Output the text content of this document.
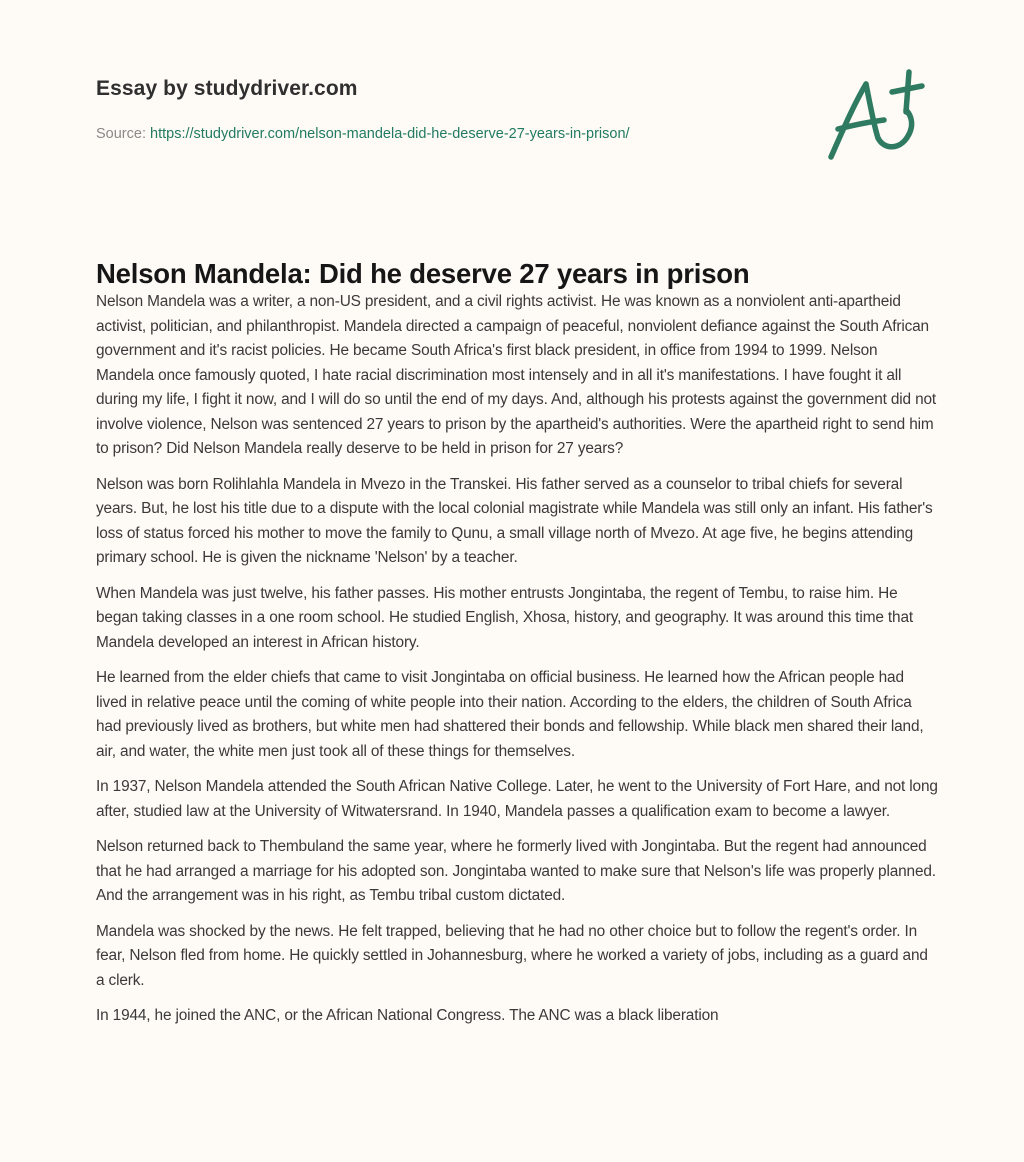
Essay by studydriver.com
Source: https://studydriver.com/nelson-mandela-did-he-deserve-27-years-in-prison/
Nelson Mandela: Did he deserve 27 years in prison

Nelson Mandela was a writer, a non-US president, and a civil rights activist. He was known as a nonviolent anti-apartheid activist, politician, and philanthropist. Mandela directed a campaign of peaceful, nonviolent defiance against the South African government and it's racist policies. He became South Africa's first black president, in office from 1994 to 1999. Nelson Mandela once famously quoted, I hate racial discrimination most intensely and in all it's manifestations. I have fought it all during my life, I fight it now, and I will do so until the end of my days. And, although his protests against the government did not involve violence, Nelson was sentenced 27 years to prison by the apartheid's authorities. Were the apartheid right to send him to prison? Did Nelson Mandela really deserve to be held in prison for 27 years?

Nelson was born Rolihlahla Mandela in Mvezo in the Transkei. His father served as a counselor to tribal chiefs for several years. But, he lost his title due to a dispute with the local colonial magistrate while Mandela was still only an infant. His father's loss of status forced his mother to move the family to Qunu, a small village north of Mvezo. At age five, he begins attending primary school. He is given the nickname 'Nelson' by a teacher.

When Mandela was just twelve, his father passes. His mother entrusts Jongintaba, the regent of Tembu, to raise him. He began taking classes in a one room school. He studied English, Xhosa, history, and geography. It was around this time that Mandela developed an interest in African history.

He learned from the elder chiefs that came to visit Jongintaba on official business. He learned how the African people had lived in relative peace until the coming of white people into their nation. According to the elders, the children of South Africa had previously lived as brothers, but white men had shattered their bonds and fellowship. While black men shared their land, air, and water, the white men just took all of these things for themselves.

In 1937, Nelson Mandela attended the South African Native College. Later, he went to the University of Fort Hare, and not long after, studied law at the University of Witwatersrand. In 1940, Mandela passes a qualification exam to become a lawyer.

Nelson returned back to Thembuland the same year, where he formerly lived with Jongintaba. But the regent had announced that he had arranged a marriage for his adopted son. Jongintaba wanted to make sure that Nelson's life was properly planned. And the arrangement was in his right, as Tembu tribal custom dictated.

Mandela was shocked by the news. He felt trapped, believing that he had no other choice but to follow the regent's order. In fear, Nelson fled from home. He quickly settled in Johannesburg, where he worked a variety of jobs, including as a guard and a clerk.

In 1944, he joined the ANC, or the African National Congress. The ANC was a black liberation
